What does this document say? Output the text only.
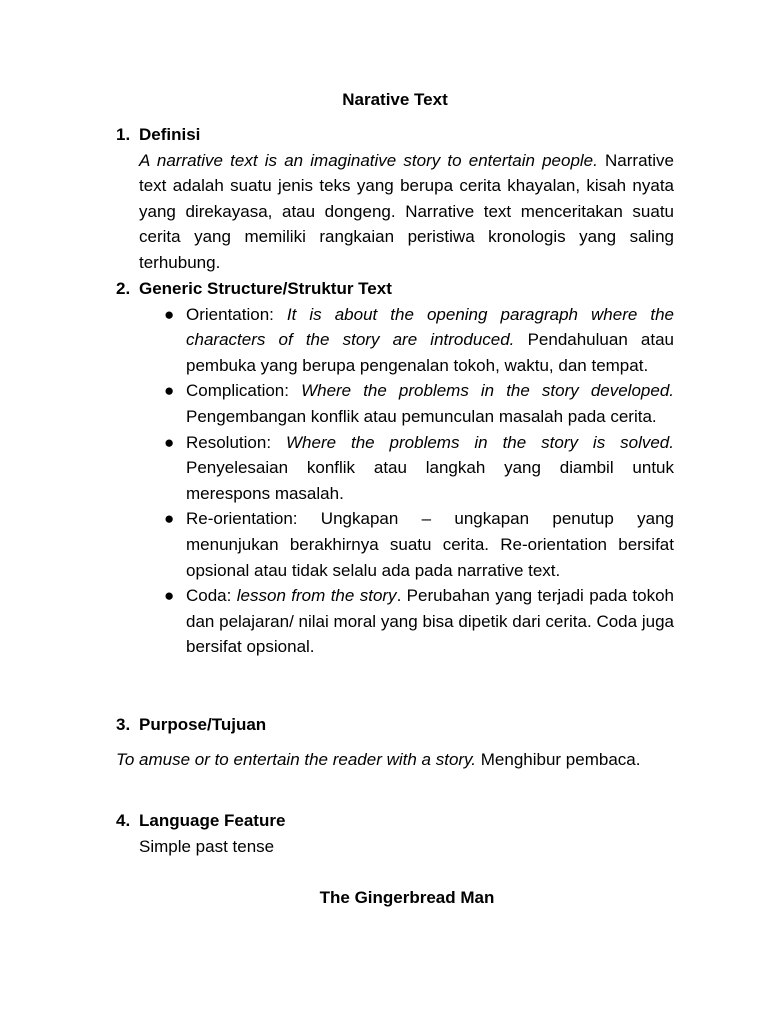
Narative Text
1. Definisi
A narrative text is an imaginative story to entertain people. Narrative text adalah suatu jenis teks yang berupa cerita khayalan, kisah nyata yang direkayasa, atau dongeng. Narrative text menceritakan suatu cerita yang memiliki rangkaian peristiwa kronologis yang saling terhubung.
2. Generic Structure/Struktur Text
● Orientation: It is about the opening paragraph where the characters of the story are introduced. Pendahuluan atau pembuka yang berupa pengenalan tokoh, waktu, dan tempat.
● Complication: Where the problems in the story developed. Pengembangan konflik atau pemunculan masalah pada cerita.
● Resolution: Where the problems in the story is solved. Penyelesaian konflik atau langkah yang diambil untuk merespons masalah.
● Re-orientation: Ungkapan – ungkapan penutup yang menunjukan berakhirnya suatu cerita. Re-orientation bersifat opsional atau tidak selalu ada pada narrative text.
● Coda: lesson from the story. Perubahan yang terjadi pada tokoh dan pelajaran/ nilai moral yang bisa dipetik dari cerita. Coda juga bersifat opsional.
3. Purpose/Tujuan
To amuse or to entertain the reader with a story. Menghibur pembaca.
4. Language Feature
Simple past tense
The Gingerbread Man
